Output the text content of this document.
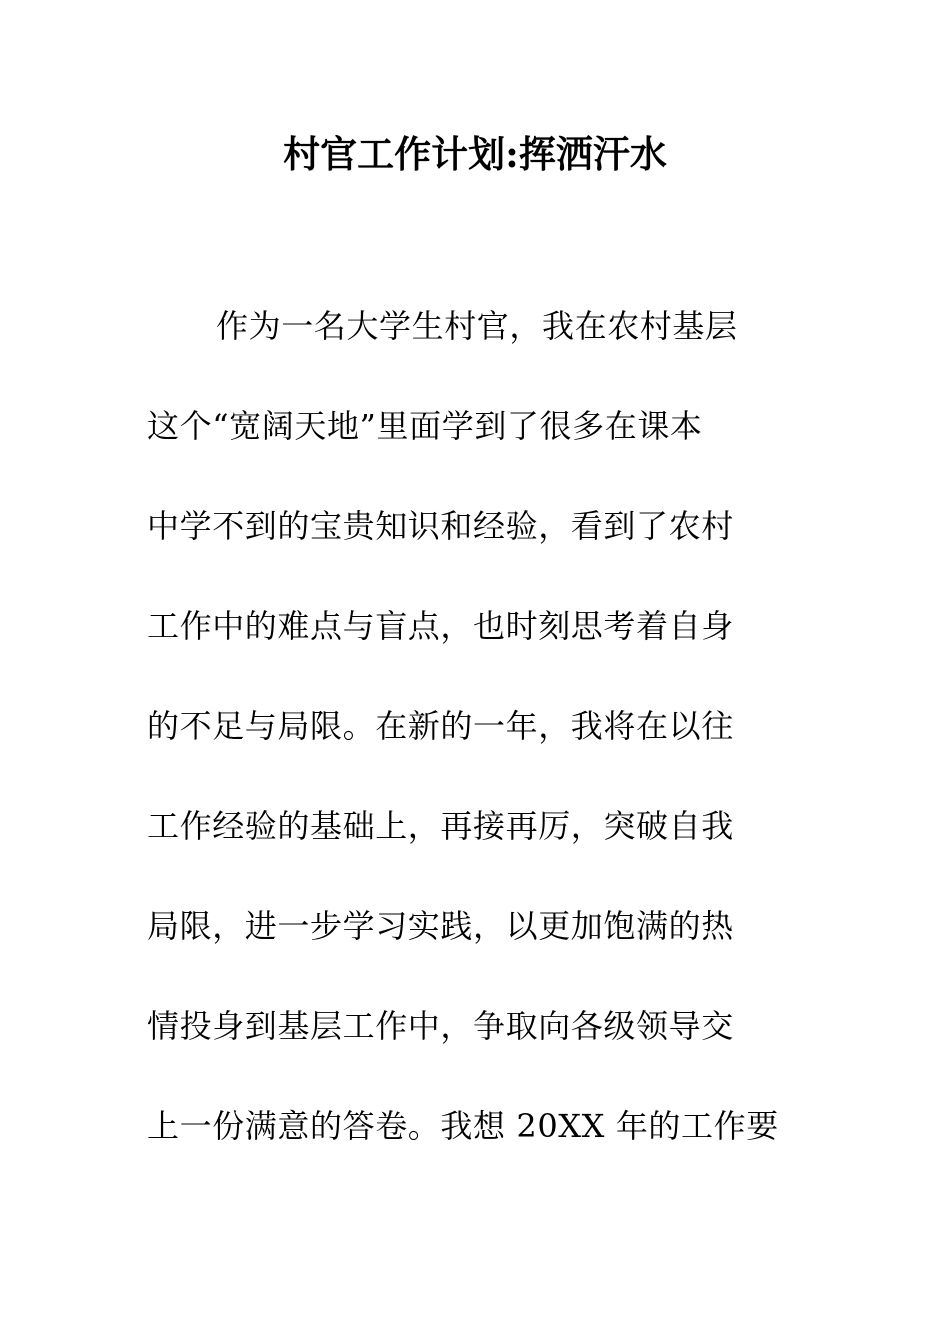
村官工作计划:挥洒汗水
作为一名大学生村官，我在农村基层
这个“宽阔天地”里面学到了很多在课本
中学不到的宝贵知识和经验，看到了农村
工作中的难点与盲点，也时刻思考着自身
的不足与局限。在新的一年，我将在以往
工作经验的基础上，再接再厉，突破自我
局限，进一步学习实践，以更加饱满的热
情投身到基层工作中，争取向各级领导交
上一份满意的答卷。我想 20XX 年的工作要
